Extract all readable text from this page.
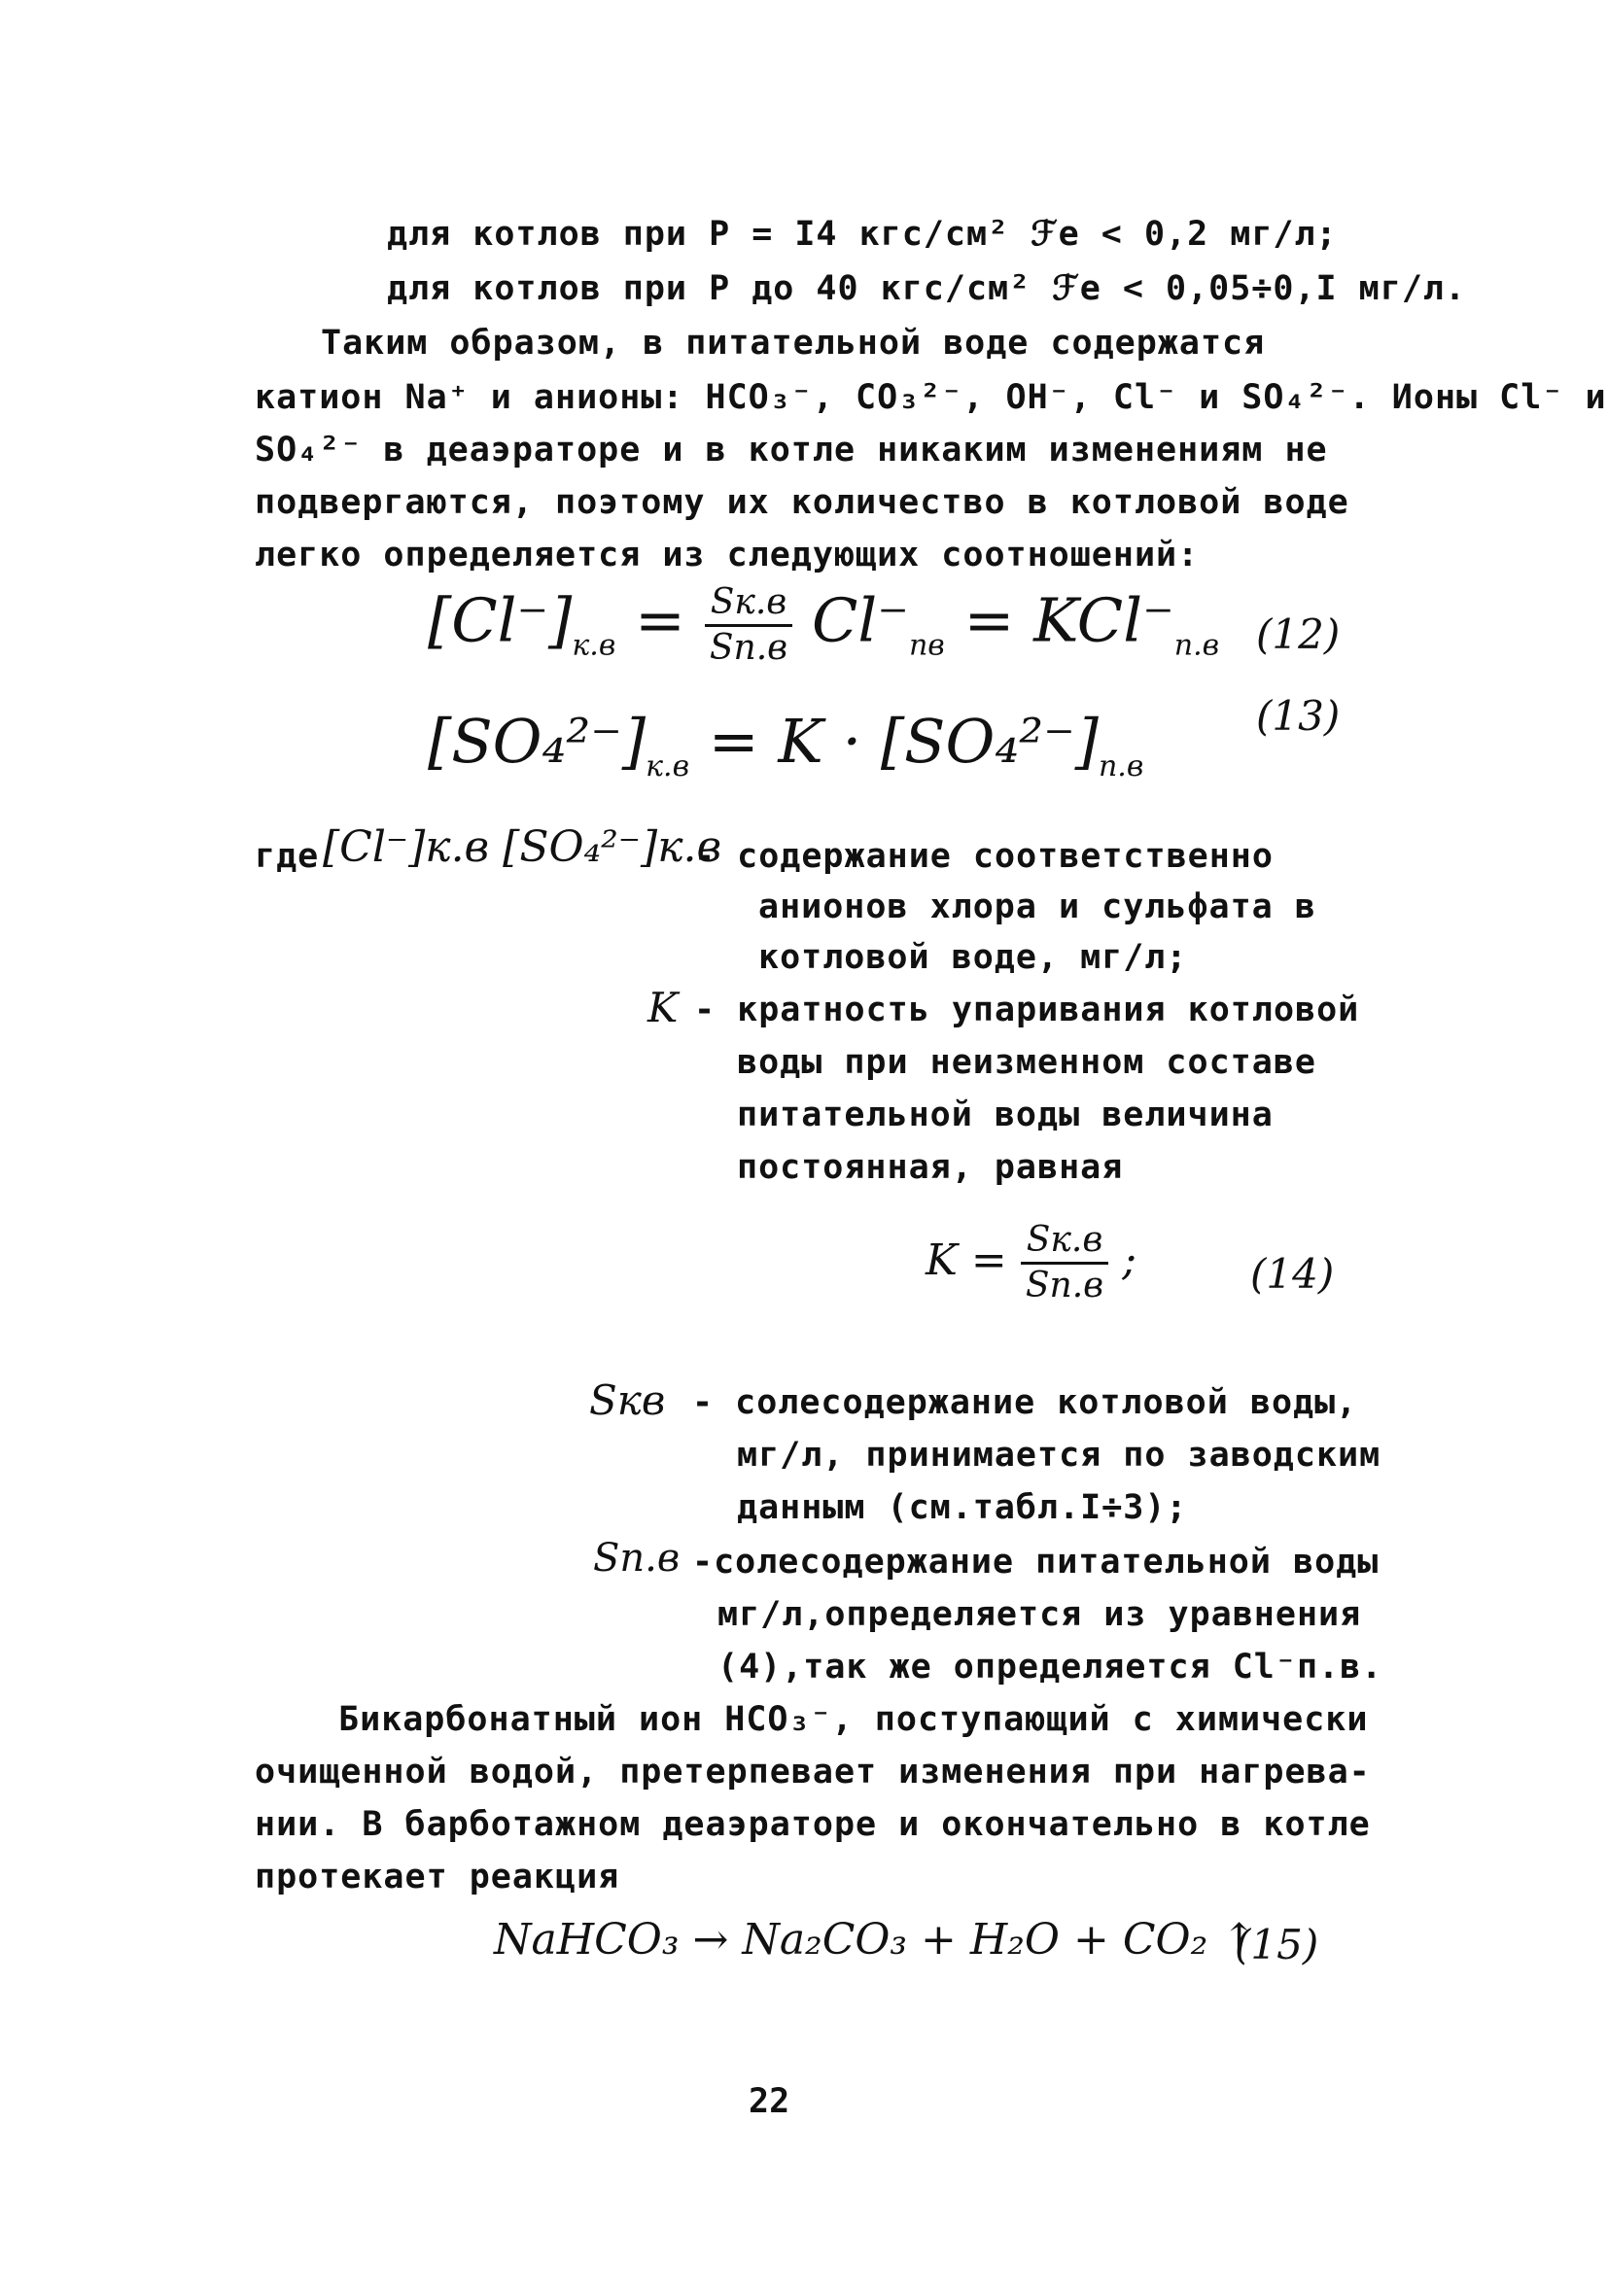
для котлов при P = I4 кгс/см² ℱe < 0,2 мг/л;
для котлов при P до 40 кгс/см² ℱe < 0,05÷0,I мг/л.
Таким образом, в питательной воде содержатся
катион Na⁺ и анионы: HCO₃⁻, CO₃²⁻, OH⁻, Cl⁻ и SO₄²⁻. Ионы Cl⁻ и
SO₄²⁻ в деаэраторе и в котле никаким изменениям не
подвергаются, поэтому их количество в котловой воде
легко определяется из следующих соотношений:
$[Cl^-]_{к.в} = \frac{Sк.в}{Sп.в} Cl^-_{пв} = KCl^-_{п.в}$ (12)
$[SO_4^{2-}]_{к.в} = K \cdot [SO_4^{2-}]_{п.в}$
(13)
где [Cl⁻]к.в [SO₄²⁻]к.в
- содержание соответственно
анионов хлора и сульфата в
котловой воде, мг/л;
K - кратность упаривания котловой
воды при неизменном составе
питательной воды величина
постоянная, равная
$K = \frac{Sк.в}{Sп.в}$ ;	(14)
Sкв - солесодержание котловой воды,
мг/л, принимается по заводским
данным (см.табл.I÷3);
Sп.в -солесодержание питательной воды
мг/л,определяется из уравнения
(4),так же определяется Cl⁻п.в.
Бикарбонатный ион HCO₃⁻, поступающий с химически
очищенной водой, претерпевает изменения при нагрева-
нии. В барботажном деаэраторе и окончательно в котле
протекает реакция
NaHCO₃ → Na₂CO₃ + H₂O + CO₂ ↑
(15)
22
